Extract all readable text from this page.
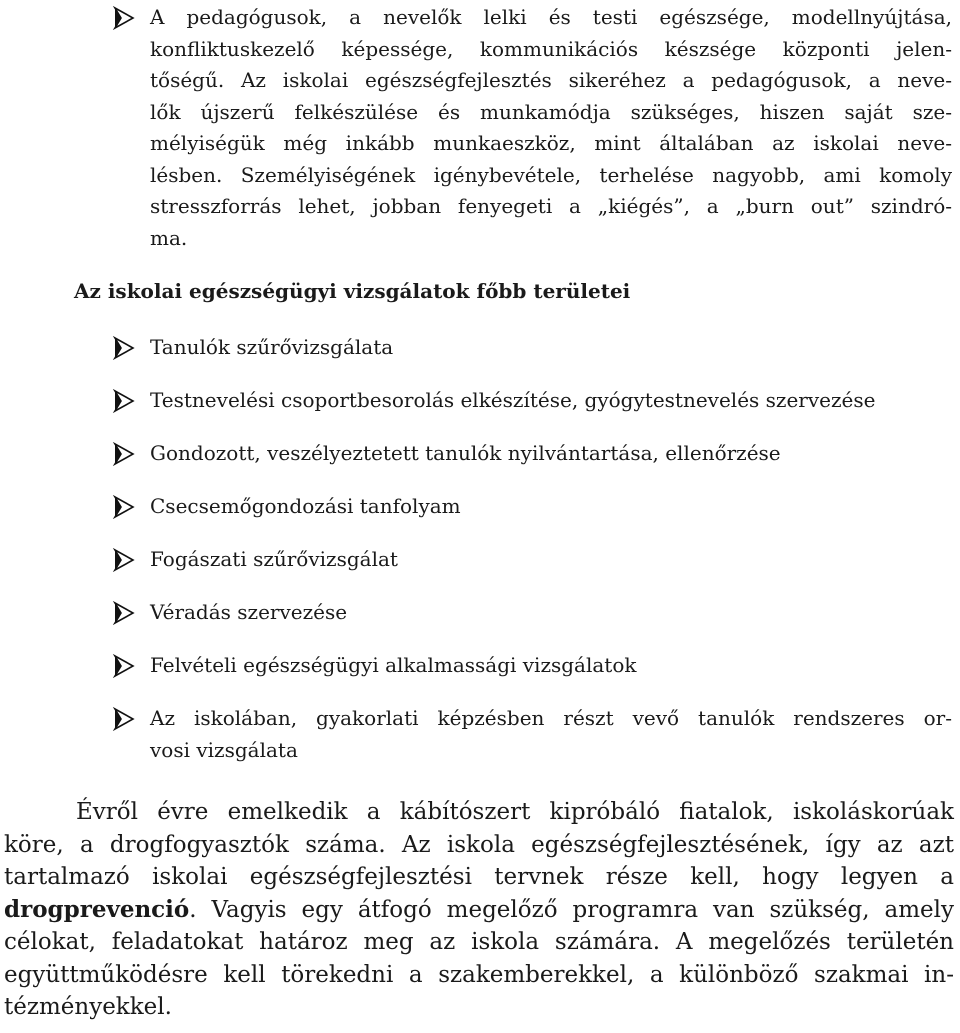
A pedagógusok, a nevelők lelki és testi egészsége, modellnyújtása,
konfliktuskezelő képessége, kommunikációs készsége központi jelen-
tőségű. Az iskolai egészségfejlesztés sikeréhez a pedagógusok, a neve-
lők újszerű felkészülése és munkamódja szükséges, hiszen saját sze-
mélyiségük még inkább munkaeszköz, mint általában az iskolai neve-
lésben. Személyiségének igénybevétele, terhelése nagyobb, ami komoly
stresszforrás lehet, jobban fenyegeti a „kiégés”, a „burn out” szindró-
ma.
Az iskolai egészségügyi vizsgálatok főbb területei
Tanulók szűrővizsgálata
Testnevelési csoportbesorolás elkészítése, gyógytestnevelés szervezése
Gondozott, veszélyeztetett tanulók nyilvántartása, ellenőrzése
Csecsemőgondozási tanfolyam
Fogászati szűrővizsgálat
Véradás szervezése
Felvételi egészségügyi alkalmassági vizsgálatok
Az iskolában, gyakorlati képzésben részt vevő tanulók rendszeres or-
vosi vizsgálata
Évről évre emelkedik a kábítószert kipróbáló fiatalok, iskoláskorúak
köre, a drogfogyasztók száma. Az iskola egészségfejlesztésének, így az azt
tartalmazó iskolai egészségfejlesztési tervnek része kell, hogy legyen a
drogprevenció. Vagyis egy átfogó megelőző programra van szükség, amely
célokat, feladatokat határoz meg az iskola számára. A megelőzés területén
együttműködésre kell törekedni a szakemberekkel, a különböző szakmai in-
tézményekkel.
